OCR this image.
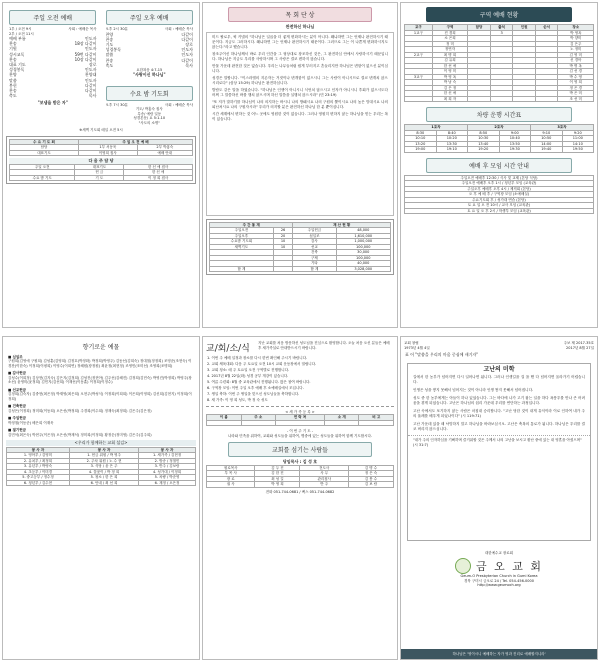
주일 오전 예배
1부 / 오전 9시
2부 / 오전 11시
사회 : 예배순 목사
예배 부름	인도자
찬송	18장 다같이
기원	인도자
성시교독	59번 다같이
찬송	10장 다같이
대표 기도	장로
성경봉독	인도자
찬양	찬양대
말씀	인도자
봉헌	다같이
찬송	다같이
축도	목사
"보냄을 받은 자"
주일 오후 예배
오후 2시 30분	사회 : 예배순 목사
찬양	다같이
찬송	다같이
기도	장로
성경봉독	인도자
말씀	인도자
찬송	다같이
축도	목사
요한복음 4:7-15
"사랑이신 하나님"
수요 밤 기도회
오후 7시 30분	사회 : 예배순 목사
기도/ 박홍숙 집사
특송/ 예람 일동
성경본문/ 요 5:1-10
"사도의 소명"
※새벽 기도회 매일 오전 5시
수 요 기 도 회	주 일 오 전 예 배	
담당	1부 서동욱	2부 박홍숙
대표기도	이영희 집사	예배 안내
다 음 주 담 당
주일 오전	대표기도	한 신 애 집사
	헌 금	한 신 애
수요 밤 기도	기 도	이 정 희 집사
목 회 단 상
완전하신 하나님

미드 팔로우, 윅 키넬의 "하나님은 일곱을 더 좋게 변화하시는 분이 아니다. 왜냐하면 그는 언제나 완전하시기 때문이다. 지금도 그러하시다. 왜냐하면 그는 언제나 완전하시기 때문이다. 그러므로 그는 이 나쁜게 변화하시지도 않는다."라고 했습니다.

창조주이신 하나님께서 바로 우리 인간을 그 형상대로 창조하신 것은, 그 완전하심 안에서 사랑하시기 때문입니다. 하나님은 지금도 우리를 사랑하시며 그 사랑은 결코 변하지 않습니다.

만물 가운데 완전한 것은 없습니다. 우리는 나무들처럼 쉽게 부러지고 흔들리지만 하나님은 변함이 없으신 분이십니다.

성경은 말합니다. "이스라엘의 지존자는 거짓이나 변개함이 없으시니 그는 사람이 아니시므로 결코 변개치 않으시리로다" (삼상 15:29) 하나님은 완전하십니다.

발람도 같은 말을 하였습니다. "하나님은 인생이 아니시니 식언치 않으시고 인자가 아니시니 후회가 없으시도다 어찌 그 말씀하신 바를 행치 않으시며 하신 말씀을 실행치 않으시랴" (민 23:19)

"또 저가 말하기를 하나님이 나의 의지하는 바시니 나의 방패시요 나의 구원의 뿔이시요 나의 높은 망대시요 나의 피난처시요 나의 구원자시라" 우리가 의지할 분은 완전하신 하나님 한 분 뿐이십니다.

시간 세계에서 변하는 것 어느 곳에도 영원한 것이 없습니다. 그러나 영원히 변하지 않는 하나님을 믿는 우리는 복이 있습니다.

주 간 통 계		재 산 현 황	
주일오전	26	주일헌금	48,000
주일오후	20	십일조	1,610,000
수요밤 기도회	10	감사	1,000,000
새벽기도	10	선교	100,000
		건축	30,000
		구제	100,000
		기타	40,000
합 계		합 계	3,028,000
구역 예배 현황
교구	구역	담당	출석	인원	순서	장소
1교구	진 경희		3			박 영옥
	소 은희					박 향미
	정 미					김 은주
	정연자					노 정미
2교구	최 명 희					김 영 미
	김 유희					신 경아
	한 선 애					박 명 옥
	이 영 미					김 선 경
3교구	박 영 옥					박 수 영
	박 남 숙					이 영 희
	김 은 정					정 은 경
	한 신 애					박 은 미
	최 희 자					조 선 미
차량 운행 시간표
1호차		2호차		3호차	
8:30	8:40	8:50	9:00	9:10	9:20
10:10	10:20	10:30	10:40	10:50	11:00
13:20	13:30	13:40	13:50	14:00	14:10
19:00	19:10	19:20	19:30	19:40	19:50
예배 후 모임 시간 안내
주일오전 예배후 12:30 / 식사 및 교제 (본당 식당)
주일오전 예배후 오후 1시 / 청년부 모임 (교육관)
주일오후 예배후 오후 4시 / 제직회 (본당)
오 후 예 배 후 / 구역장 모임 (소예배실)
수요기도회 후 / 성가대 연습 (본당)
토 요 일 오 전 10시 / 교사 모임 (교육관)
토 요 일 오 후 2시 / 학생부 모임 (교육관)
향기로운 예물
■ 십일조
구원희(김영애 구원희) 김성훈(김영희) 김정호(박정화) 박정희(박영주) 김동선(김희숙) 정대철(정정희) 조영준(조현숙) 이경찬(이한숙) 이정희(이평희) 이영수(이희연) 정혜원(장정원) 최윤정(최현정) 조영민(조미선) 조영희(조명희)
■ 감사헌금
김성수(이희정) 김상현(김지숙) 김은지(김정희) 김성진(정현아) 김주선(김혜진) 김정희(김민숙) 박영진(박정희) 박영주(장소선) 윤영미(윤정희) 김민지(김선희) 이재선(이동훈) 이정희(이정수)
■ 선교헌금
김정희(김숙자) 김중현(최은정) 박재영(최은희) 오현주(박성식) 이정희(이희희) 이은희(이영희) 김신희(김현지) 이정희(이정희)
■ 건축헌금
김성은(이정희) 정미희(이동희) 오은선(박정희) 주경희(이수희) 정재숙(최정희) 김은주(김은정)
■ 주일헌금
박정철(이동준) 배은희 이재욱
■ 절기헌금
김민석(최은숙) 박현주(이은정) 오은선(박재석) 정미희(이정희) 황정순(정미영) 김은주(김주희)
<우리가 함께하는 교회 섬김>
봉 사 자	봉 사 자	봉 사 자
1. 영아부 / 김영미	1. 헌금 위원 / 박 영주	1. 새가족 / 김현정
2. 유치부 / 최정희	2. 주차 위원 / 노 수 현	2. 방송 / 정철민
3. 유년부 / 박영숙	3. 식당 / 윤 은 주	3. 반주 / 김보람
4. 초등부 / 이미경	4. 꽃꽂이 / 박 정 희	4. 성가대 / 이정희
5. 중고등부 / 정수정	5. 청소 / 한 은 희	5. 차량 / 박준영
6. 청년부 / 김수현	6. 안내 / 최 선 희	6. 재정 / 오은정
교/회/소/식
지난 교회를 처음 방문하신 성도님을 진심으로 환영합니다. 오늘 처음 오신 분들은 예배 후 새가족실로 안내받으시기 바랍니다.
1. 이번 주 예배 일정과 장소를 다시 한번 확인해 주시기 바랍니다.
2. 교회 체육대회: 다음 주 토요일 오전 10시 교회 운동장에서 열립니다.
3. 교회 청소: 매 주 토요일 오전 구역별로 진행합니다.
4. 2017년 8월 22일(화) 성경 공부 개강이 있습니다.
5. 여름 수련회: 8월 중 교육관에서 진행됩니다. 많은 참여 바랍니다.
6. 구역장 모임: 이번 주일 오후 예배 후 소예배실에서 모입니다.
7. 생일 축하: 이번 주 생일을 맞으신 성도님들을 축하합니다.
8. 새 가족: 이 영 희 성도, 박 정 숙 성도
< 새 가 족 등 록 >
이 름	주 소	연 락 처	소 개	비 고

- 이 번 주 기 도 -
나라와 민족을 위하여, 교회와 성도들을 위하여, 병중에 있는 성도들을 위하여 함께 기도합시다.
교회를 섬기는 사람들
당임목사 : 김 성 호
원로목사	김 두 진	전도사	김 명 수
부 목 사	김 한 진	사 무	정 은 숙
장 로	최 성 길	관리집사	김 봉 수
권 사	박 영 희	반 주	김 보 람
전화 051-744-0681 / 팩스 051-744-0682
교회 창립	주보 제 2017-35호
1973년 4월 4일	2017년 8월 27일
표 어 "말씀을 우리의 마음 중심에 새기자"
고난의 미학

길에서 한 농부가 넘어지면 다시 일어나면 됩니다. 그러나 인생길을 걸 을 땐 다 넘어지면 올라가기 어렵습니다.

인생은 성을 쌓지 못해서 넘어지는 것이 아니라 인생 쌓지 못해서 넘어집니다.

성도 중 한 농부에게는 아들이 하나 있었습니다. 그는 바다에 나가 고기 잡는 일을 하다 폭풍우를 만나 큰 어려움을 겪게 되었습니다. 고난은 하나님의 섭리 가운데 우리를 연단하는 과정입니다.

고난 속에서도 포기하지 않는 사람은 마침내 승리합니다. "고난 당한 것이 내게 유익이라 이로 인하여 내가 주의 율례를 배우게 되었나이다" (시 119:71)

고난 가운데 있을 때 낙망하지 말고 하나님을 바라보십시오. 고난은 축복의 통로가 됩니다. 하나님은 우리를 결코 버리지 않으십니다.

"내가 주의 인자하심을 기뻐하며 즐거워할 것은 주께서 나의 고난을 보시고 환난 중에 있는 내 영혼을 아셨으며" (시 31:7)
대한예수교 장로회
금 오 교 회
Geum-O Presbyterian Church in Gumi Korea
경북 구미시 금오로 24 / Tel. 054-456-0000
http://www.geumoch.org
하나님은 '영이시니 예배하는 자가 영과 진리로 예배할지니라'
